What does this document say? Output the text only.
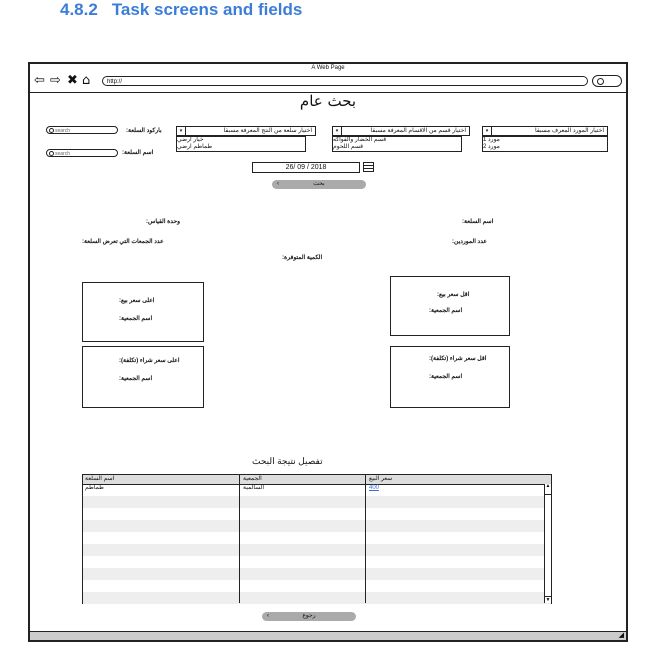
4.8.2 Task screens and fields
A Web Page
⇦ ⇨ ✖ ⌂	http://
بحث عام
باركود السلعة:
search
اسم السلعة:
search
▾	اختيار سلعة من النتج المعرفة مسبقا
خيار ارضي
طماطم ارضي
▾	اختيار قسم من الاقسام المعرفة مسبقا
قسم الخضار والفواكه
قسم اللحوم
▾	اختيار المورد المعرف مسبقا
مورد 1
مورد 2
26/ 09 / 2018
‹	بحث
وحدة القياس:	اسم السلعة:
عدد الجمعات التي تعرض السلعة:	عدد الموردين:
الكمية المتوفرة:
اعلى سعر بيع:
اسم الجمعية:
اقل سعر بيع:
اسم الجمعية:
اعلى سعر شراء (تكلفة):
اسم الجمعية:
اقل سعر شراء (تكلفة):
اسم الجمعية:
تفصيل نتيجة البحث
اسم السلعة	الجمعية	سعر البيع
طماطم	السالمية	400	▲
▼
‹	رجوع
◢
